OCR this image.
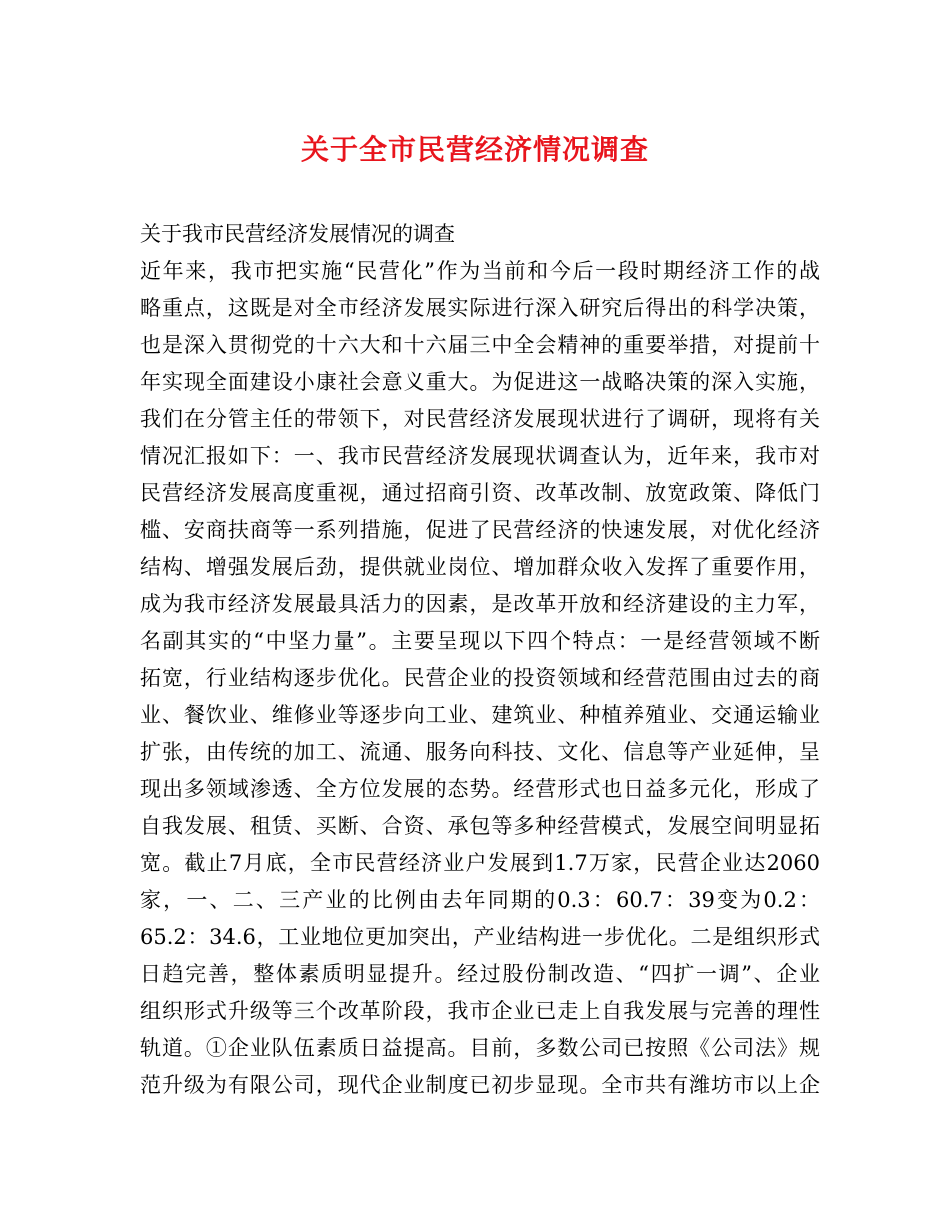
关于全市民营经济情况调查
关于我市民营经济发展情况的调查
近年来，我市把实施“民营化”作为当前和今后一段时期经济工作的战
略重点，这既是对全市经济发展实际进行深入研究后得出的科学决策，
也是深入贯彻党的十六大和十六届三中全会精神的重要举措，对提前十
年实现全面建设小康社会意义重大。为促进这一战略决策的深入实施，
我们在分管主任的带领下，对民营经济发展现状进行了调研，现将有关
情况汇报如下：一、我市民营经济发展现状调查认为，近年来，我市对
民营经济发展高度重视，通过招商引资、改革改制、放宽政策、降低门
槛、安商扶商等一系列措施，促进了民营经济的快速发展，对优化经济
结构、增强发展后劲，提供就业岗位、增加群众收入发挥了重要作用，
成为我市经济发展最具活力的因素，是改革开放和经济建设的主力军，
名副其实的“中坚力量”。主要呈现以下四个特点：一是经营领域不断
拓宽，行业结构逐步优化。民营企业的投资领域和经营范围由过去的商
业、餐饮业、维修业等逐步向工业、建筑业、种植养殖业、交通运输业
扩张，由传统的加工、流通、服务向科技、文化、信息等产业延伸，呈
现出多领域渗透、全方位发展的态势。经营形式也日益多元化，形成了
自我发展、租赁、买断、合资、承包等多种经营模式，发展空间明显拓
宽。截止7月底，全市民营经济业户发展到1.7万家，民营企业达2060
家，一、二、三产业的比例由去年同期的0.3：60.7：39变为0.2：
65.2：34.6，工业地位更加突出，产业结构进一步优化。二是组织形式
日趋完善，整体素质明显提升。经过股份制改造、“四扩一调”、企业
组织形式升级等三个改革阶段，我市企业已走上自我发展与完善的理性
轨道。①企业队伍素质日益提高。目前，多数公司已按照《公司法》规
范升级为有限公司，现代企业制度已初步显现。全市共有潍坊市以上企
